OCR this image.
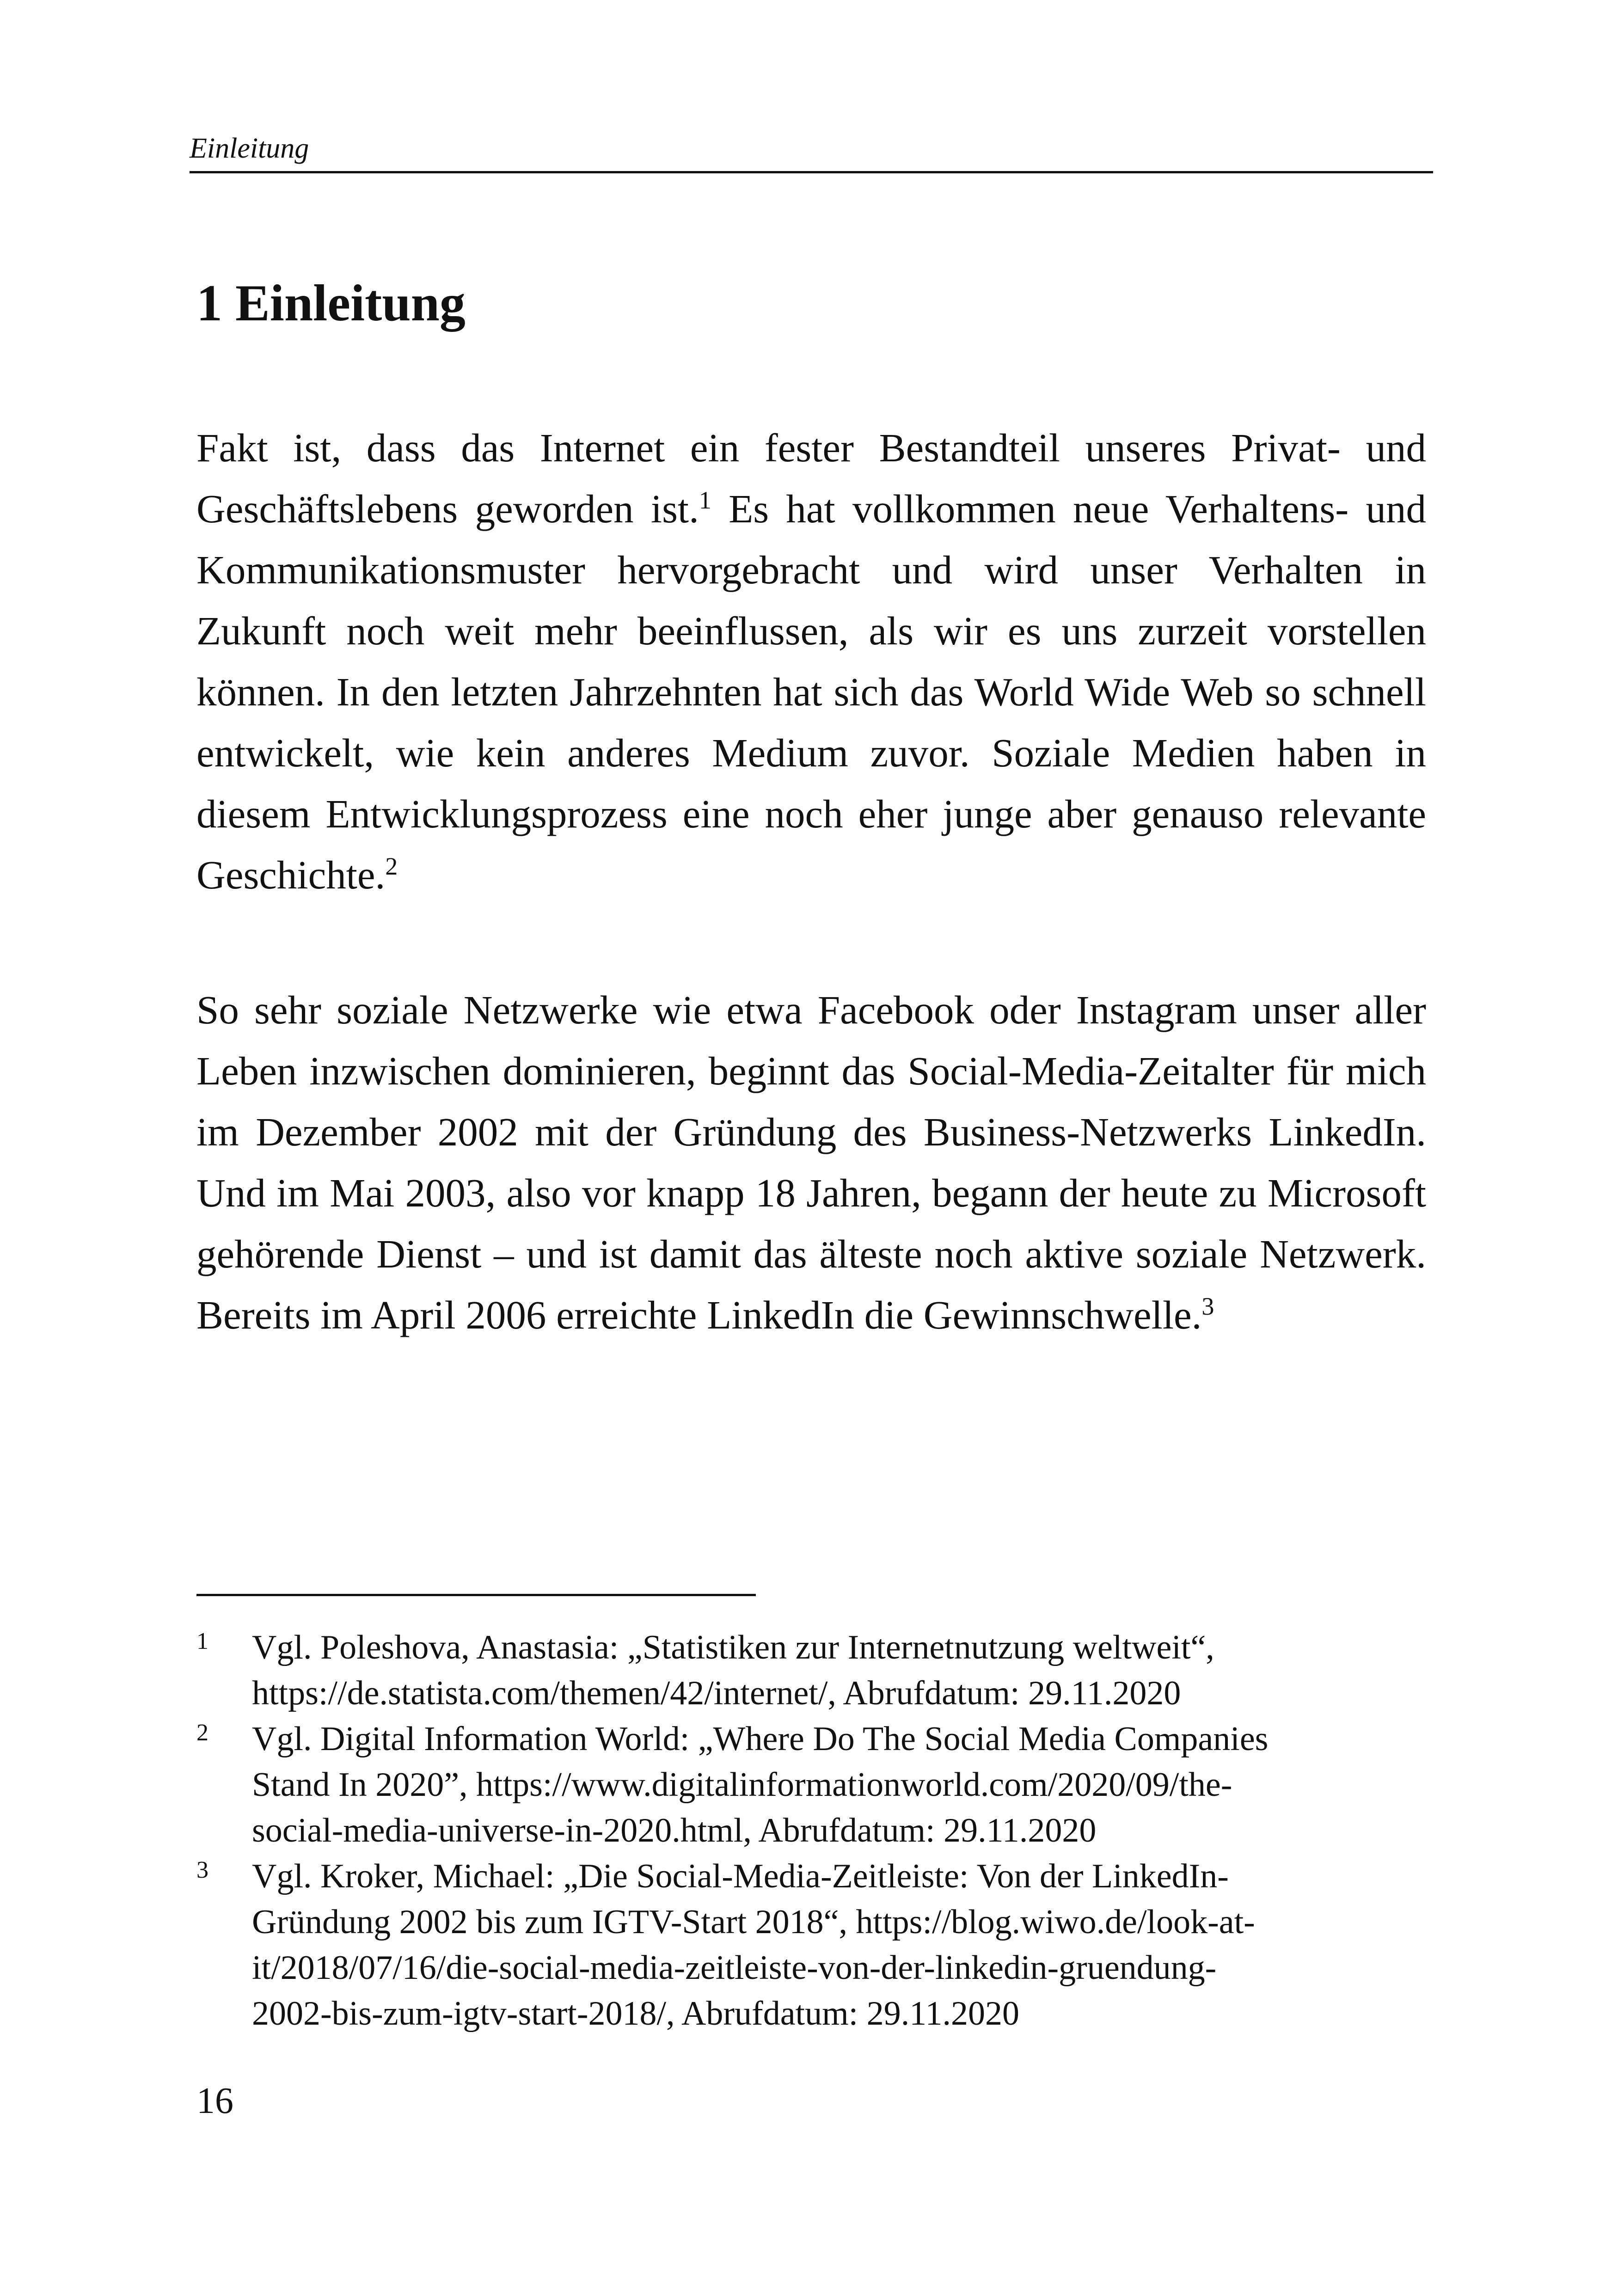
Einleitung
1 Einleitung

Fakt ist, dass das Internet ein fester Bestandteil unseres Privat- und Geschäftslebens geworden ist.$^1$ Es hat vollkommen neue Verhaltens- und Kommunikationsmuster hervorgebracht und wird unser Verhalten in Zukunft noch weit mehr beeinflussen, als wir es uns zurzeit vorstellen können. In den letzten Jahrzehnten hat sich das World Wide Web so schnell entwickelt, wie kein anderes Medium zuvor. Soziale Medien haben in diesem Entwicklungsprozess eine noch eher junge aber genauso relevante Geschichte.$^2$

So sehr soziale Netzwerke wie etwa Facebook oder Instagram unser aller Leben inzwischen dominieren, beginnt das Social-Media-Zeitalter für mich im Dezember 2002 mit der Gründung des Business-Netzwerks LinkedIn. Und im Mai 2003, also vor knapp 18 Jahren, begann der heute zu Microsoft gehörende Dienst – und ist damit das älteste noch aktive soziale Netzwerk. Bereits im April 2006 erreichte LinkedIn die Gewinnschwelle.$^3$

1	Vgl. Poleshova, Anastasia: „Statistiken zur Internetnutzung weltweit“,
https://de.statista.com/themen/42/internet/, Abrufdatum: 29.11.2020
2	Vgl. Digital Information World: „Where Do The Social Media Companies
Stand In 2020”, https://www.digitalinformationworld.com/2020/09/the-
social-media-universe-in-2020.html, Abrufdatum: 29.11.2020
3	Vgl. Kroker, Michael: „Die Social-Media-Zeitleiste: Von der LinkedIn-
Gründung 2002 bis zum IGTV-Start 2018“, https://blog.wiwo.de/look-at-
it/2018/07/16/die-social-media-zeitleiste-von-der-linkedin-gruendung-
2002-bis-zum-igtv-start-2018/, Abrufdatum: 29.11.2020
16
